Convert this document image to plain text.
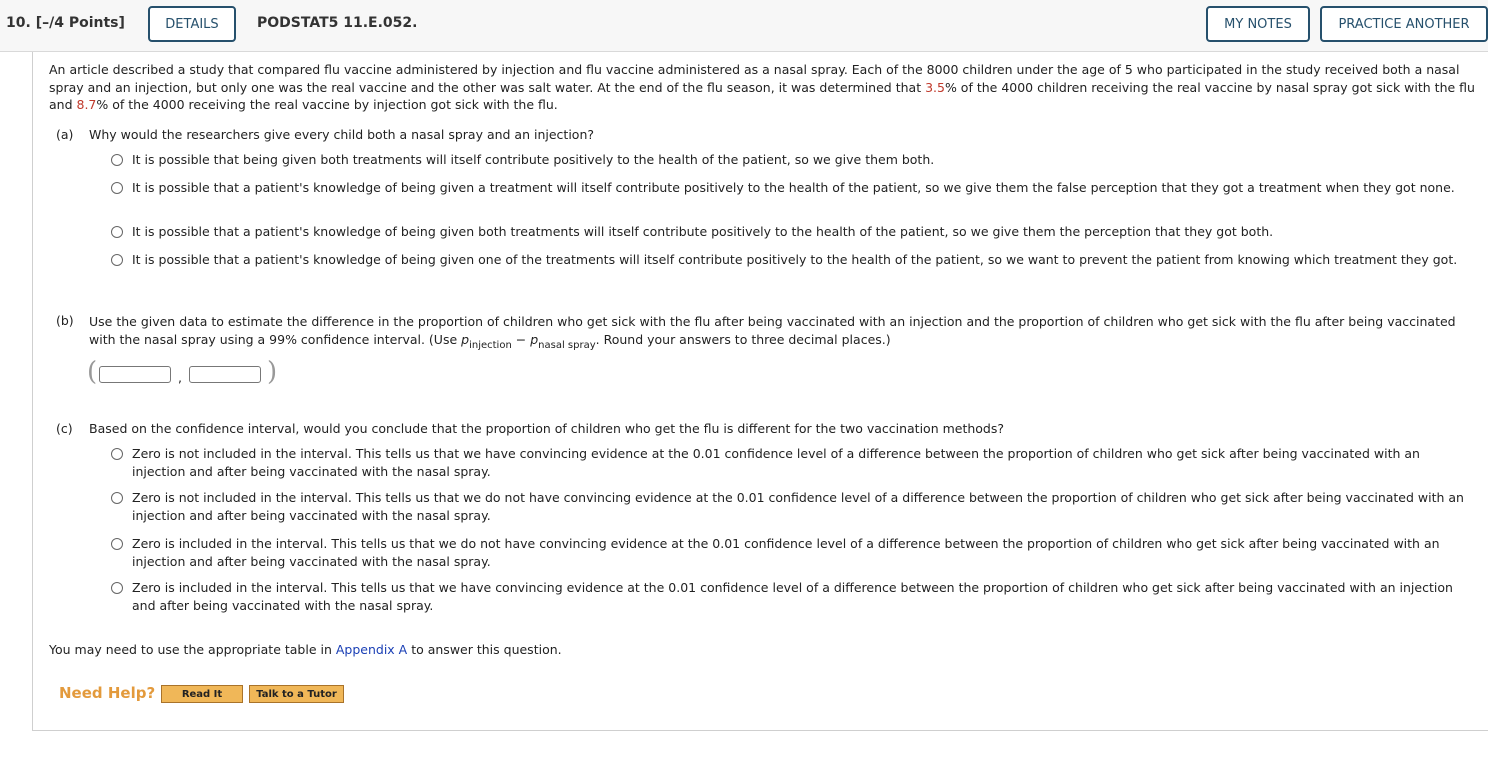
10. [–/4 Points]	DETAILS	PODSTAT5 11.E.052.	MY NOTES	PRACTICE ANOTHER
An article described a study that compared flu vaccine administered by injection and flu vaccine administered as a nasal spray. Each of the 8000 children under the age of 5 who participated in the study received both a nasal spray and an injection, but only one was the real vaccine and the other was salt water. At the end of the flu season, it was determined that 3.5% of the 4000 children receiving the real vaccine by nasal spray got sick with the flu and 8.7% of the 4000 receiving the real vaccine by injection got sick with the flu.
(a) Why would the researchers give every child both a nasal spray and an injection?
It is possible that being given both treatments will itself contribute positively to the health of the patient, so we give them both.
It is possible that a patient's knowledge of being given a treatment will itself contribute positively to the health of the patient, so we give them the false perception that they got a treatment when they got none.
It is possible that a patient's knowledge of being given both treatments will itself contribute positively to the health of the patient, so we give them the perception that they got both.
It is possible that a patient's knowledge of being given one of the treatments will itself contribute positively to the health of the patient, so we want to prevent the patient from knowing which treatment they got.
(b) Use the given data to estimate the difference in the proportion of children who get sick with the flu after being vaccinated with an injection and the proportion of children who get sick with the flu after being vaccinated with the nasal spray using a 99% confidence interval. (Use $p_{injection} - p_{nasal spray}$. Round your answers to three decimal places.)
(	,	)
(c) Based on the confidence interval, would you conclude that the proportion of children who get the flu is different for the two vaccination methods?
Zero is not included in the interval. This tells us that we have convincing evidence at the 0.01 confidence level of a difference between the proportion of children who get sick after being vaccinated with an injection and after being vaccinated with the nasal spray.
Zero is not included in the interval. This tells us that we do not have convincing evidence at the 0.01 confidence level of a difference between the proportion of children who get sick after being vaccinated with an injection and after being vaccinated with the nasal spray.
Zero is included in the interval. This tells us that we do not have convincing evidence at the 0.01 confidence level of a difference between the proportion of children who get sick after being vaccinated with an injection and after being vaccinated with the nasal spray.
Zero is included in the interval. This tells us that we have convincing evidence at the 0.01 confidence level of a difference between the proportion of children who get sick after being vaccinated with an injection and after being vaccinated with the nasal spray.
You may need to use the appropriate table in Appendix A to answer this question.
Need Help?	Read It	Talk to a Tutor
